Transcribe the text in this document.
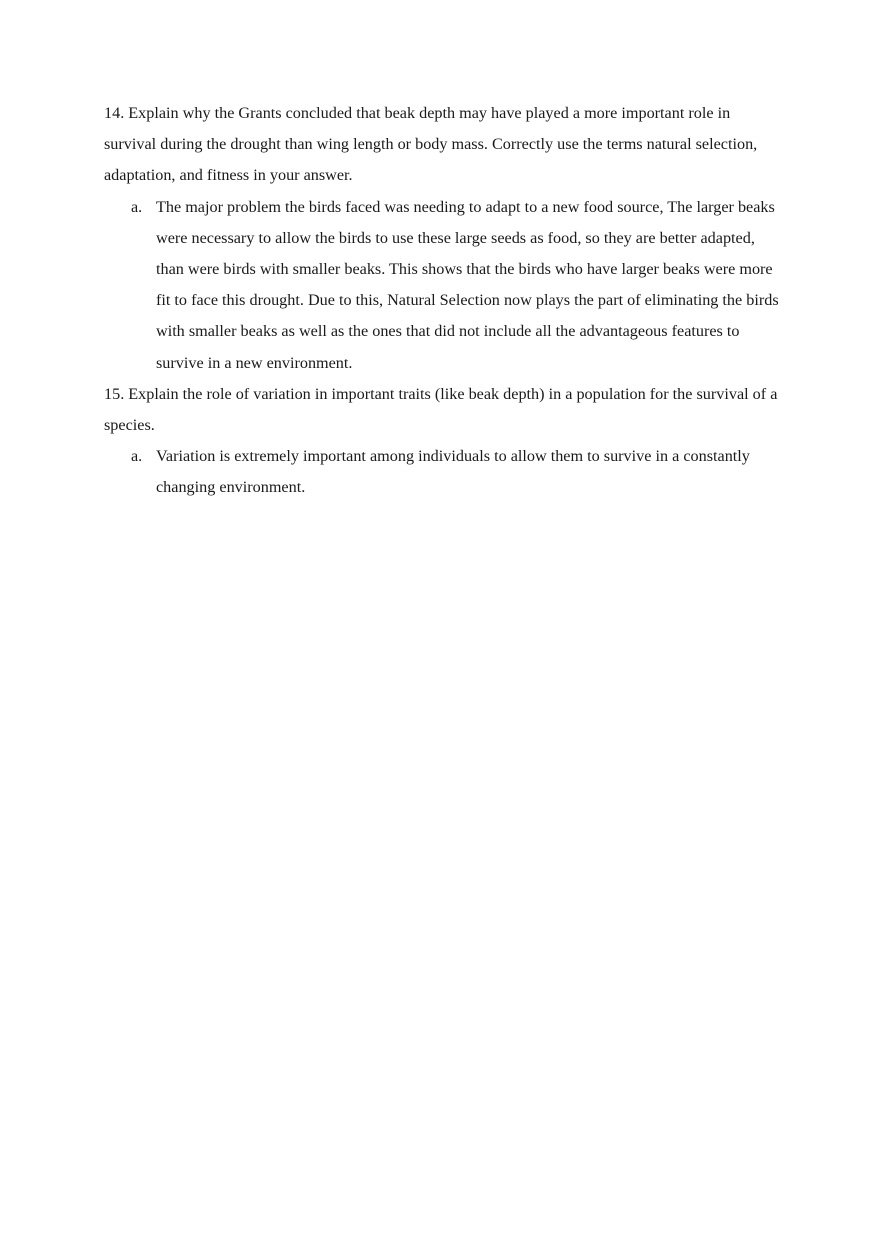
14. Explain why the Grants concluded that beak depth may have played a more important role in survival during the drought than wing length or body mass. Correctly use the terms natural selection, adaptation, and fitness in your answer.

a. The major problem the birds faced was needing to adapt to a new food source, The larger beaks were necessary to allow the birds to use these large seeds as food, so they are better adapted, than were birds with smaller beaks. This shows that the birds who have larger beaks were more fit to face this drought. Due to this, Natural Selection now plays the part of eliminating the birds with smaller beaks as well as the ones that did not include all the advantageous features to survive in a new environment.

15. Explain the role of variation in important traits (like beak depth) in a population for the survival of a species.

a. Variation is extremely important among individuals to allow them to survive in a constantly changing environment.
